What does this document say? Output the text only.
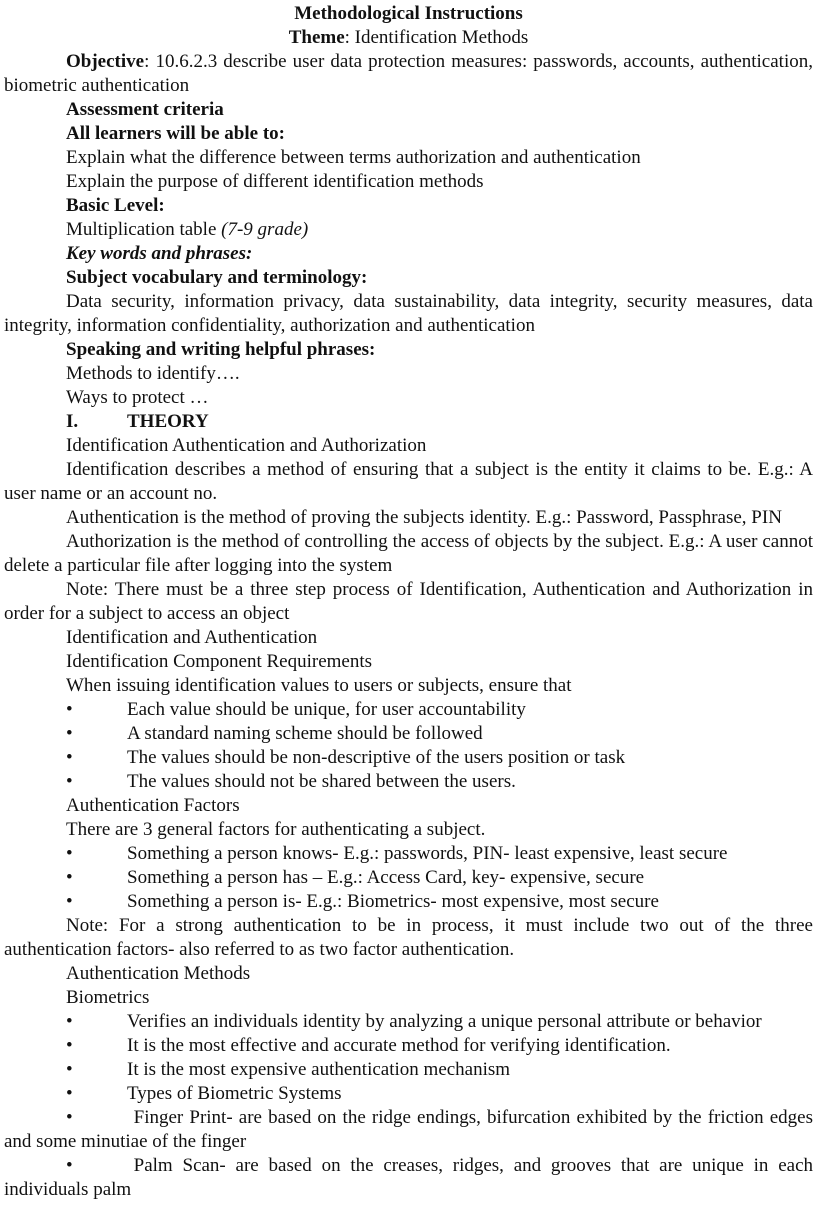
Methodological Instructions

Theme: Identification Methods

Objective: 10.6.2.3 describe user data protection measures: passwords, accounts, authentication, biometric authentication

Assessment criteria

All learners will be able to:

Explain what the difference between terms authorization and authentication

Explain the purpose of different identification methods

Basic Level:

Multiplication table (7-9 grade)

Key words and phrases:

Subject vocabulary and terminology:

Data security, information privacy, data sustainability, data integrity, security measures, data integrity, information confidentiality, authorization and authentication

Speaking and writing helpful phrases:

Methods to identify….

Ways to protect …

I.	THEORY

Identification Authentication and Authorization

Identification describes a method of ensuring that a subject is the entity it claims to be. E.g.: A user name or an account no.

Authentication is the method of proving the subjects identity. E.g.: Password, Passphrase, PIN

Authorization is the method of controlling the access of objects by the subject. E.g.: A user cannot delete a particular file after logging into the system

Note: There must be a three step process of Identification, Authentication and Authorization in order for a subject to access an object

Identification and Authentication

Identification Component Requirements

When issuing identification values to users or subjects, ensure that

•	Each value should be unique, for user accountability
•	A standard naming scheme should be followed
•	The values should be non-descriptive of the users position or task
•	The values should not be shared between the users.

Authentication Factors

There are 3 general factors for authenticating a subject.

•	Something a person knows- E.g.: passwords, PIN- least expensive, least secure
•	Something a person has – E.g.: Access Card, key- expensive, secure
•	Something a person is- E.g.: Biometrics- most expensive, most secure

Note: For a strong authentication to be in process, it must include two out of the three authentication factors- also referred to as two factor authentication.

Authentication Methods

Biometrics

•	Verifies an individuals identity by analyzing a unique personal attribute or behavior
•	It is the most effective and accurate method for verifying identification.
•	It is the most expensive authentication mechanism
•	Types of Biometric Systems

•	Finger Print- are based on the ridge endings, bifurcation exhibited by the friction edges and some minutiae of the finger

•	Palm Scan- are based on the creases, ridges, and grooves that are unique in each individuals palm
